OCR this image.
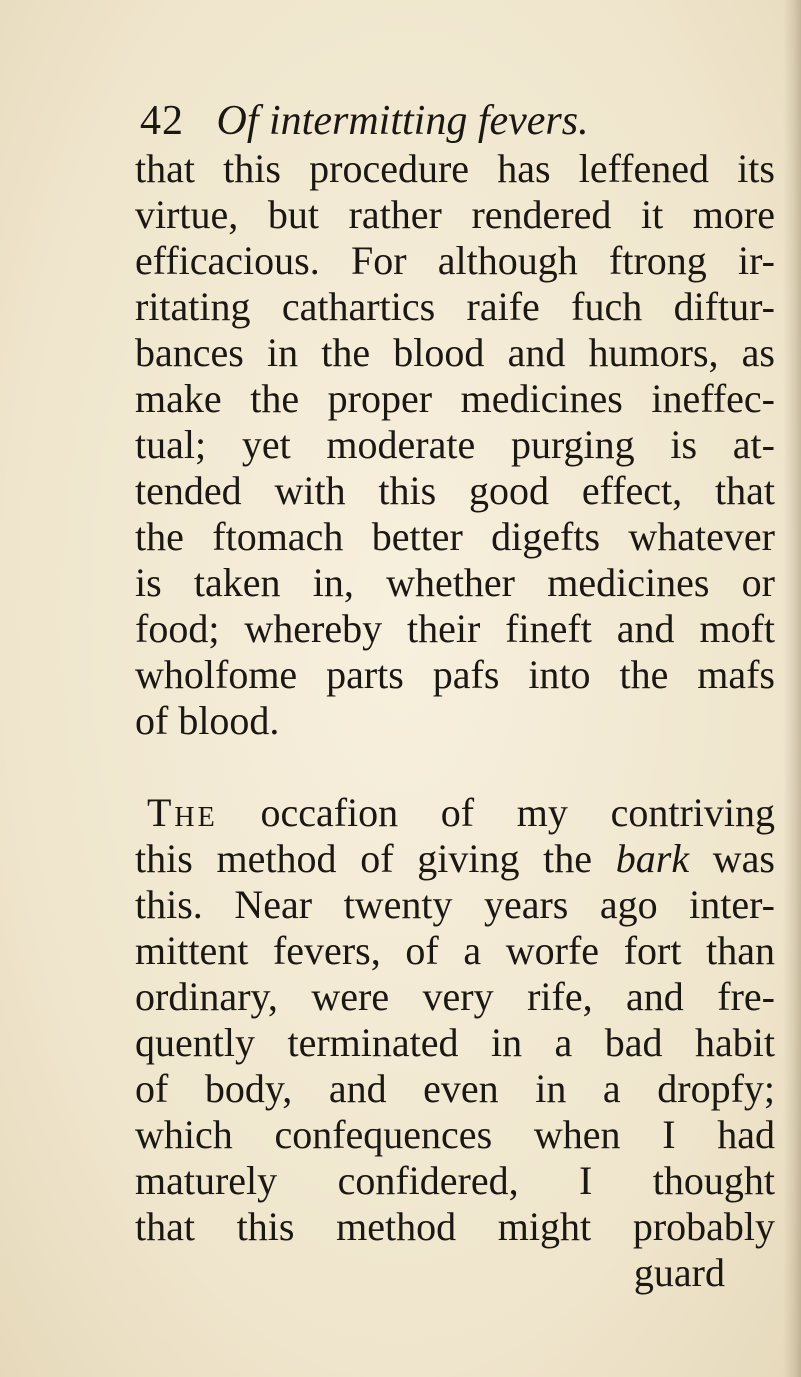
42 Of intermitting fevers.
that this procedure has leffened its
virtue, but rather rendered it more
efficacious. For although ftrong ir-
ritating cathartics raife fuch diftur-
bances in the blood and humors, as
make the proper medicines ineffec-
tual; yet moderate purging is at-
tended with this good effect, that
the ftomach better digefts whatever
is taken in, whether medicines or
food; whereby their fineft and moft
wholfome parts pafs into the mafs
of blood.
The occafion of my contriving
this method of giving the bark was
this. Near twenty years ago inter-
mittent fevers, of a worfe fort than
ordinary, were very rife, and fre-
quently terminated in a bad habit
of body, and even in a dropfy;
which confequences when I had
maturely confidered, I thought
that this method might probably
guard
